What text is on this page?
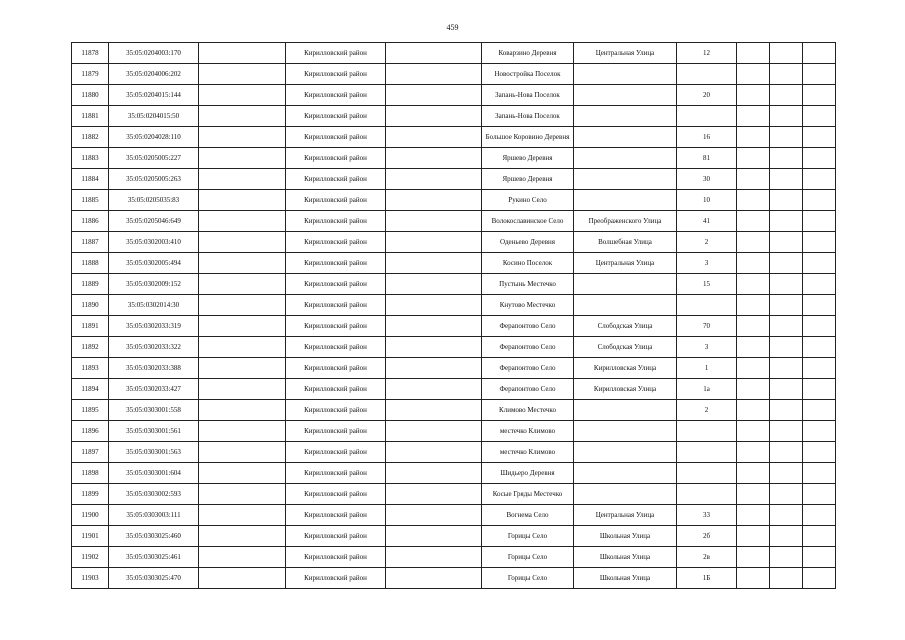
459
11878	35:05:0204003:170		Кирилловский район		Коварзино Деревня	Центральная Улица	12			
11879	35:05:0204006:202		Кирилловский район		Новостройка Поселок					
11880	35:05:0204015:144		Кирилловский район		Запань-Нова Поселок		20			
11881	35:05:0204015:50		Кирилловский район		Запань-Нова Поселок					
11882	35:05:0204028:110		Кирилловский район		Большое Коровино Деревня		16			
11883	35:05:0205005:227		Кирилловский район		Яршево Деревня		81			
11884	35:05:0205005:263		Кирилловский район		Яршево Деревня		30			
11885	35:05:0205035:83		Кирилловский район		Рукино Село		10			
11886	35:05:0205046:649		Кирилловский район		Волокославинское Село	Преображенского Улица	41			
11887	35:05:0302003:410		Кирилловский район		Оденьево Деревня	Волшебная Улица	2			
11888	35:05:0302005:494		Кирилловский район		Косино Поселок	Центральная Улица	3			
11889	35:05:0302009:152		Кирилловский район		Пустынь Местечко		15			
11890	35:05:0302014:30		Кирилловский район		Кнутово Местечко					
11891	35:05:0302033:319		Кирилловский район		Ферапонтово Село	Слободская Улица	70			
11892	35:05:0302033:322		Кирилловский район		Ферапонтово Село	Слободская Улица	3			
11893	35:05:0302033:388		Кирилловский район		Ферапонтово Село	Кирилловская Улица	1			
11894	35:05:0302033:427		Кирилловский район		Ферапонтово Село	Кирилловская Улица	1а			
11895	35:05:0303001:558		Кирилловский район		Климово Местечко		2			
11896	35:05:0303001:561		Кирилловский район		местечко Климово					
11897	35:05:0303001:563		Кирилловский район		местечко Климово					
11898	35:05:0303001:604		Кирилловский район		Шидьеро Деревня					
11899	35:05:0303002:593		Кирилловский район		Косые Гряды Местечко					
11900	35:05:0303003:111		Кирилловский район		Вогнема Село	Центральная Улица	33			
11901	35:05:0303025:460		Кирилловский район		Горицы Село	Школьная Улица	2б			
11902	35:05:0303025:461		Кирилловский район		Горицы Село	Школьная Улица	2в			
11903	35:05:0303025:470		Кирилловский район		Горицы Село	Школьная Улица	1Б			
